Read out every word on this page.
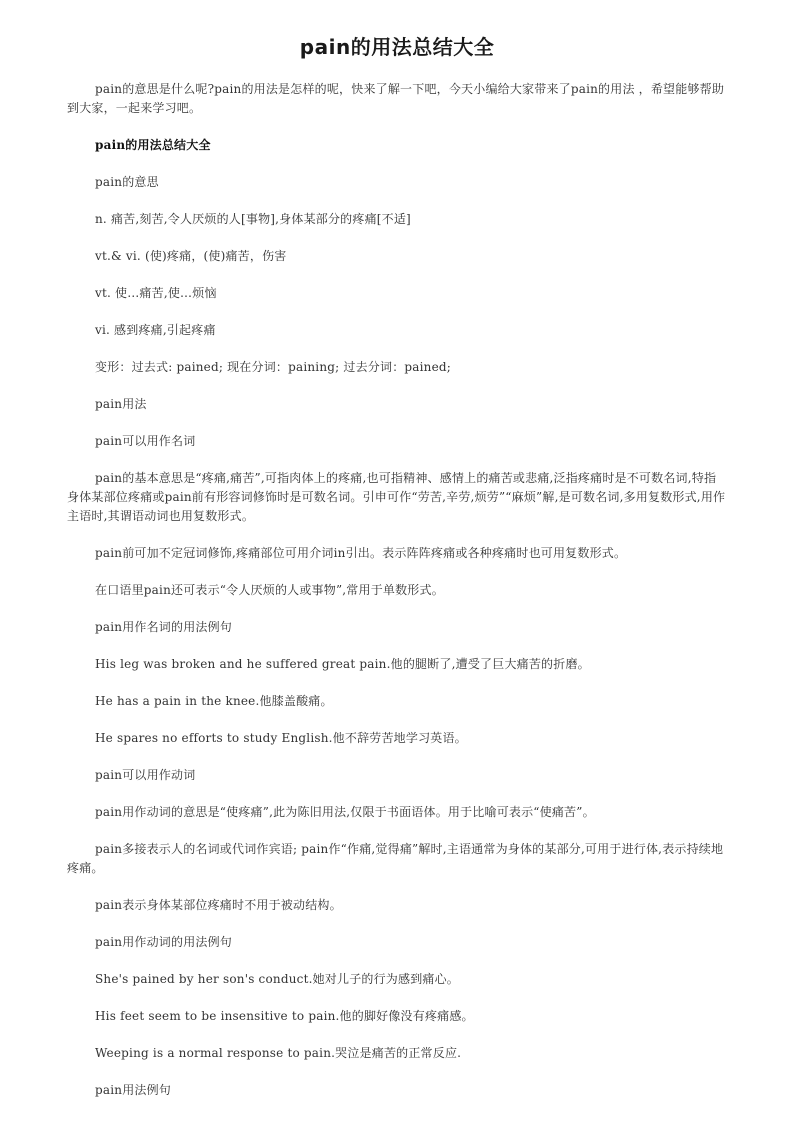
pain的用法总结大全

pain的意思是什么呢?pain的用法是怎样的呢，快来了解一下吧，今天小编给大家带来了pain的用法 ，希望能够帮助到大家，一起来学习吧。

pain的用法总结大全

pain的意思

n. 痛苦,刻苦,令人厌烦的人[事物],身体某部分的疼痛[不适]

vt.& vi. (使)疼痛，(使)痛苦，伤害

vt. 使…痛苦,使…烦恼

vi. 感到疼痛,引起疼痛

变形：过去式: pained; 现在分词：paining; 过去分词：pained;

pain用法

pain可以用作名词

pain的基本意思是“疼痛,痛苦”,可指肉体上的疼痛,也可指精神、感情上的痛苦或悲痛,泛指疼痛时是不可数名词,特指身体某部位疼痛或pain前有形容词修饰时是可数名词。引申可作“劳苦,辛劳,烦劳”“麻烦”解,是可数名词,多用复数形式,用作主语时,其谓语动词也用复数形式。

pain前可加不定冠词修饰,疼痛部位可用介词in引出。表示阵阵疼痛或各种疼痛时也可用复数形式。

在口语里pain还可表示“令人厌烦的人或事物”,常用于单数形式。

pain用作名词的用法例句

His leg was broken and he suffered great pain.他的腿断了,遭受了巨大痛苦的折磨。

He has a pain in the knee.他膝盖酸痛。

He spares no efforts to study English.他不辞劳苦地学习英语。

pain可以用作动词

pain用作动词的意思是“使疼痛”,此为陈旧用法,仅限于书面语体。用于比喻可表示“使痛苦”。

pain多接表示人的名词或代词作宾语; pain作“作痛,觉得痛”解时,主语通常为身体的某部分,可用于进行体,表示持续地疼痛。

pain表示身体某部位疼痛时不用于被动结构。

pain用作动词的用法例句

She's pained by her son's conduct.她对儿子的行为感到痛心。

His feet seem to be insensitive to pain.他的脚好像没有疼痛感。

Weeping is a normal response to pain.哭泣是痛苦的正常反应.

pain用法例句
